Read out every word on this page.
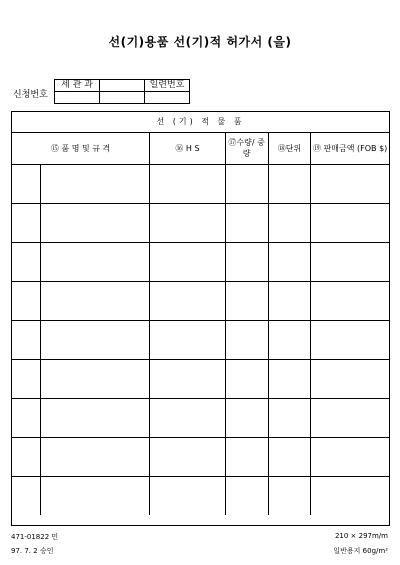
선(기)용품 선(기)적 허가서 (을)
신청번호
세 관 과		일련번호

선 (기) 적 물 품
⑮ 품 명 및 규 격		⑯ H S	⑰수량/ 중량	⑱단위	⑲ 판매금액 (FOB $)

471-01822 민
97. 7. 2 승인
210 × 297m/m
일반용지 60g/m²
